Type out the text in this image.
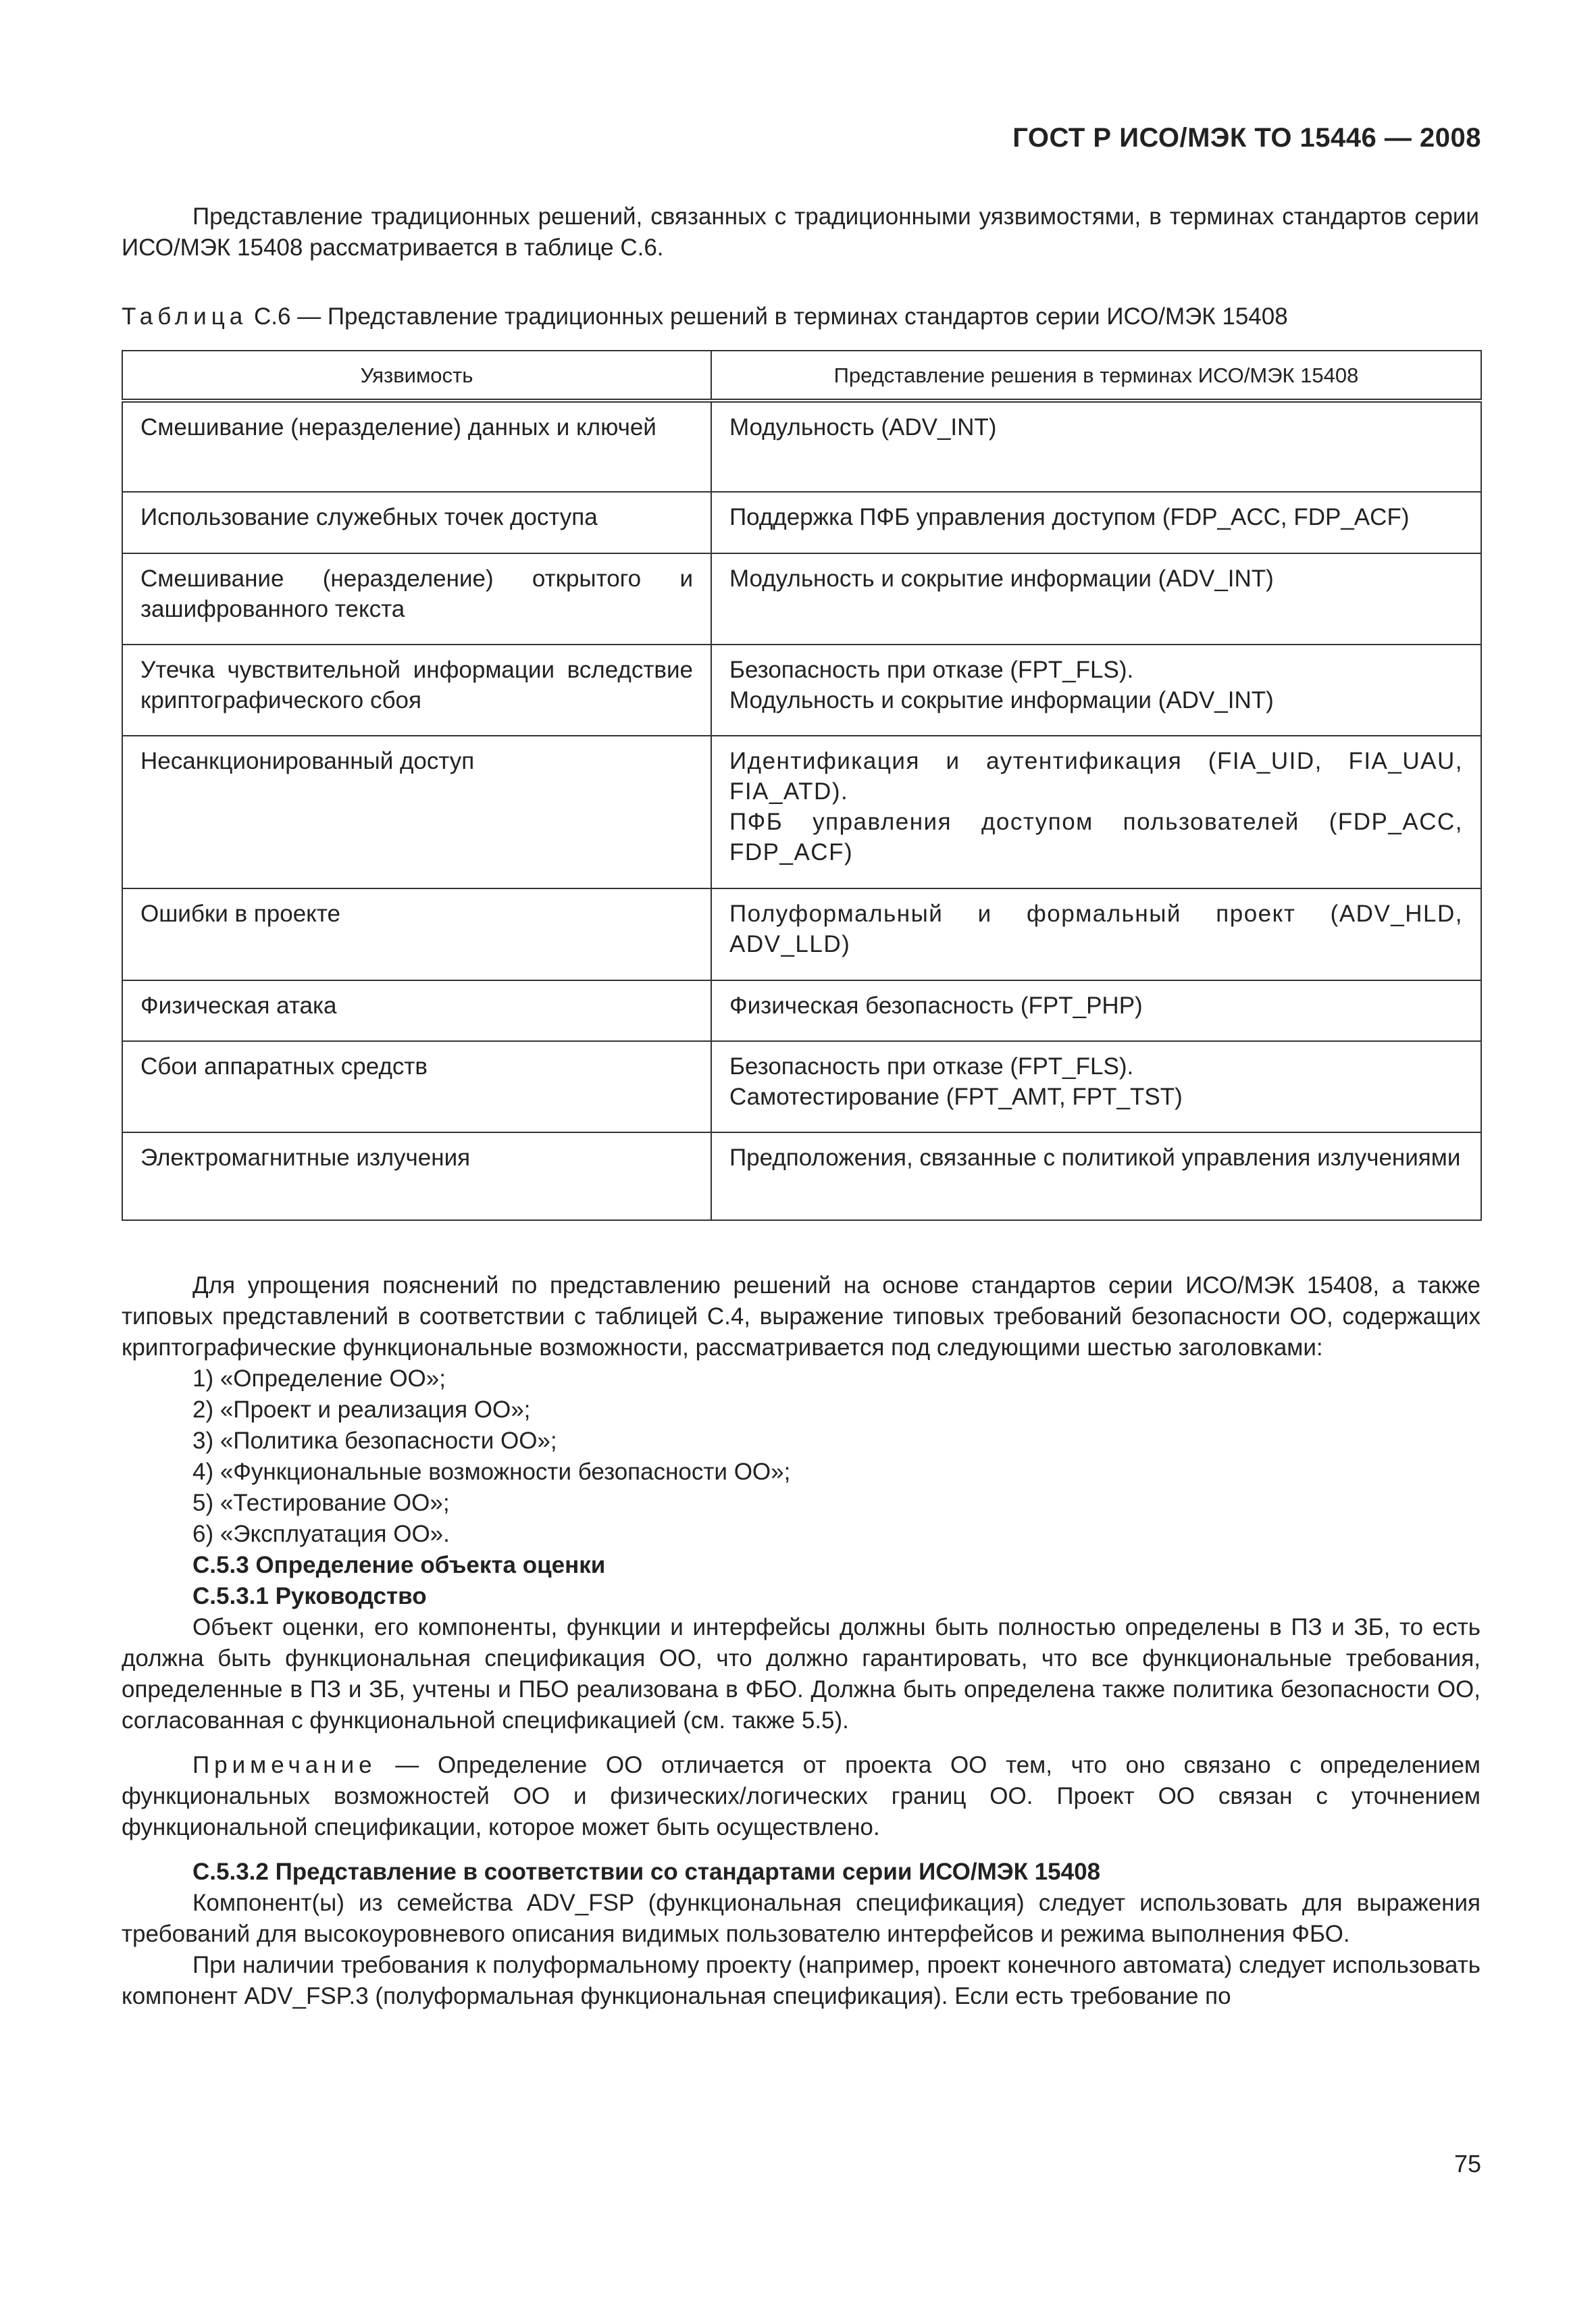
ГОСТ Р ИСО/МЭК ТО 15446 — 2008

Представление традиционных решений, связанных с традиционными уязвимостями, в терминах стандартов серии ИСО/МЭК 15408 рассматривается в таблице С.6.

Таблица С.6 — Представление традиционных решений в терминах стандартов серии ИСО/МЭК 15408
Уязвимость	Представление решения в терминах ИСО/МЭК 15408
Смешивание (неразделение) данных и ключей	Модульность (ADV_INT)

Использование служебных точек доступа	Поддержка ПФБ управления доступом (FDP_ACC, FDP_ACF)

Смешивание (неразделение) открытого и зашифрованного текста	Модульность и сокрытие информации (ADV_INT)

Утечка чувствительной информации вследствие криптографического сбоя	Безопасность при отказе (FPT_FLS).
Модульность и сокрытие информации (ADV_INT)

Несанкционированный доступ	Идентификация и аутентификация (FIA_UID, FIA_UAU, FIA_ATD).
ПФБ управления доступом пользователей (FDP_ACC, FDP_ACF)

Ошибки в проекте	Полуформальный и формальный проект (ADV_HLD, ADV_LLD)

Физическая атака	Физическая безопасность (FPT_PHP)

Сбои аппаратных средств	Безопасность при отказе (FPT_FLS).
Самотестирование (FPT_AMT, FPT_TST)

Электромагнитные излучения	Предположения, связанные с политикой управления излучениями

Для упрощения пояснений по представлению решений на основе стандартов серии ИСО/МЭК 15408, а также типовых представлений в соответствии с таблицей С.4, выражение типовых требований безопасности ОО, содержащих криптографические функциональные возможности, рассматривается под следующими шестью заголовками:

1) «Определение ОО»;
2) «Проект и реализация ОО»;
3) «Политика безопасности ОО»;
4) «Функциональные возможности безопасности ОО»;
5) «Тестирование ОО»;
6) «Эксплуатация ОО».
С.5.3 Определение объекта оценки
С.5.3.1 Руководство

Объект оценки, его компоненты, функции и интерфейсы должны быть полностью определены в ПЗ и ЗБ, то есть должна быть функциональная спецификация ОО, что должно гарантировать, что все функциональные требования, определенные в ПЗ и ЗБ, учтены и ПБО реализована в ФБО. Должна быть определена также политика безопасности ОО, согласованная с функциональной спецификацией (см. также 5.5).

Примечание — Определение ОО отличается от проекта ОО тем, что оно связано с определением функциональных возможностей ОО и физических/логических границ ОО. Проект ОО связан с уточнением функциональной спецификации, которое может быть осуществлено.

С.5.3.2 Представление в соответствии со стандартами серии ИСО/МЭК 15408

Компонент(ы) из семейства ADV_FSP (функциональная спецификация) следует использовать для выражения требований для высокоуровневого описания видимых пользователю интерфейсов и режима выполнения ФБО.

При наличии требования к полуформальному проекту (например, проект конечного автомата) следует использовать компонент ADV_FSP.3 (полуформальная функциональная спецификация). Если есть требование по

75
